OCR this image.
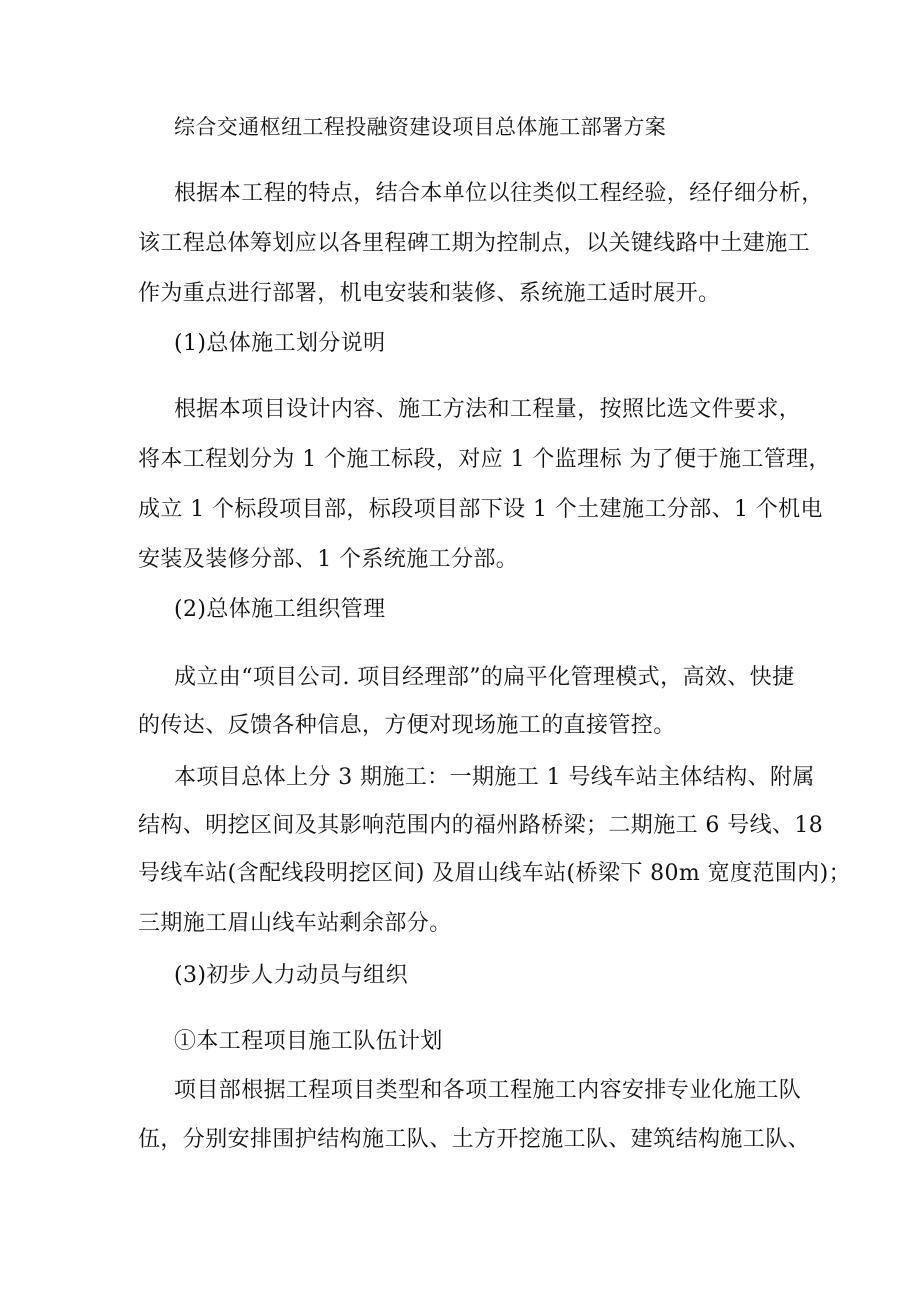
综合交通枢纽工程投融资建设项目总体施工部署方案
根据本工程的特点，结合本单位以往类似工程经验，经仔细分析，
该工程总体筹划应以各里程碑工期为控制点，以关键线路中土建施工
作为重点进行部署，机电安装和装修、系统施工适时展开。
(1)总体施工划分说明
根据本项目设计内容、施工方法和工程量，按照比选文件要求，
将本工程划分为 1 个施工标段，对应 1 个监理标 为了便于施工管理，
成立 1 个标段项目部，标段项目部下设 1 个土建施工分部、1 个机电
安装及装修分部、1 个系统施工分部。
(2)总体施工组织管理
成立由“项目公司. 项目经理部”的扁平化管理模式，高效、快捷
的传达、反馈各种信息，方便对现场施工的直接管控。
本项目总体上分 3 期施工：一期施工 1 号线车站主体结构、附属
结构、明挖区间及其影响范围内的福州路桥梁；二期施工 6 号线、18
号线车站(含配线段明挖区间) 及眉山线车站(桥梁下 80m 宽度范围内)；
三期施工眉山线车站剩余部分。
(3)初步人力动员与组织
①本工程项目施工队伍计划
项目部根据工程项目类型和各项工程施工内容安排专业化施工队
伍，分别安排围护结构施工队、土方开挖施工队、建筑结构施工队、
